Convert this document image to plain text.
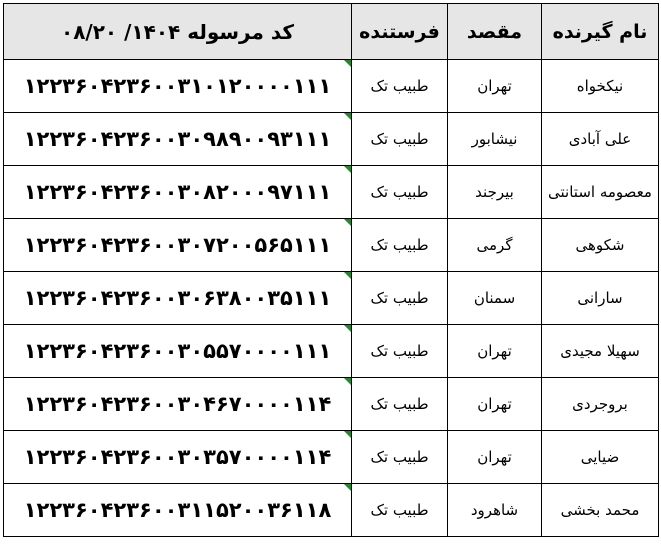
کد مرسوله ۱۴۰۴/ ۰۸/۲۰	فرستنده	مقصد	نام گیرنده
۱۲۲۳۶۰۴۲۳۶۰۰۳۱۰۱۲۰۰۰۰۱۱۱	طبیب تک	تهران	نیکخواه
۱۲۲۳۶۰۴۲۳۶۰۰۳۰۹۸۹۰۰۹۳۱۱۱	طبیب تک	نیشابور	علی آبادی
۱۲۲۳۶۰۴۲۳۶۰۰۳۰۸۲۰۰۰۹۷۱۱۱	طبیب تک	بیرجند	معصومه استانتی
۱۲۲۳۶۰۴۲۳۶۰۰۳۰۷۲۰۰۵۶۵۱۱۱	طبیب تک	گرمی	شکوهی
۱۲۲۳۶۰۴۲۳۶۰۰۳۰۶۳۸۰۰۳۵۱۱۱	طبیب تک	سمنان	سارانی
۱۲۲۳۶۰۴۲۳۶۰۰۳۰۵۵۷۰۰۰۰۱۱۱	طبیب تک	تهران	سهیلا مجیدی
۱۲۲۳۶۰۴۲۳۶۰۰۳۰۴۶۷۰۰۰۰۱۱۴	طبیب تک	تهران	بروجردی
۱۲۲۳۶۰۴۲۳۶۰۰۳۰۳۵۷۰۰۰۰۱۱۴	طبیب تک	تهران	ضیایی
۱۲۲۳۶۰۴۲۳۶۰۰۳۱۱۵۲۰۰۳۶۱۱۸	طبیب تک	شاهرود	محمد بخشی
